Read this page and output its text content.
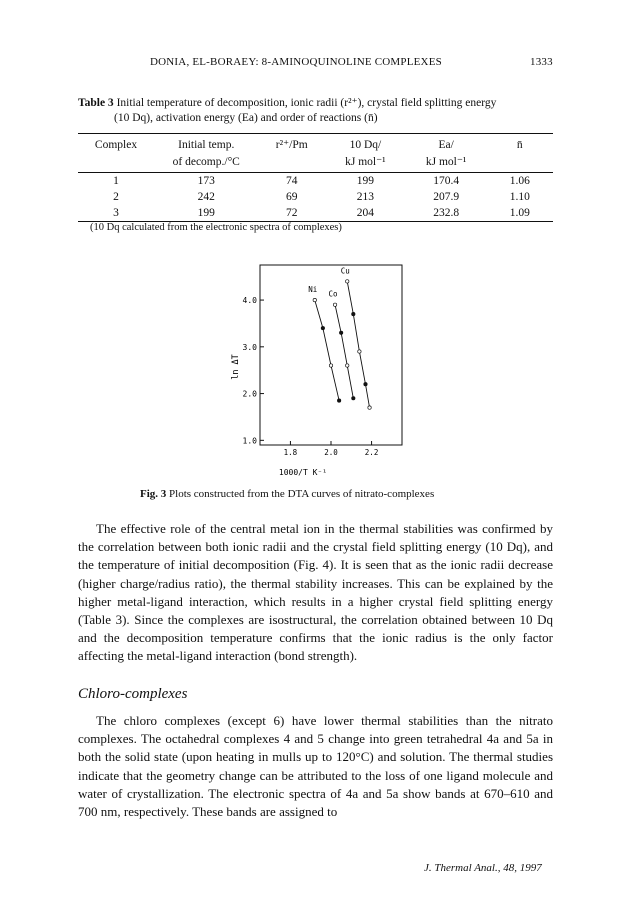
DONIA, EL-BORAEY: 8-AMINOQUINOLINE COMPLEXES	1333
Table 3 Initial temperature of decomposition, ionic radii (r²⁺), crystal field splitting energy
(10 Dq), activation energy (Ea) and order of reactions (n̄)
Complex	Initial temp.	r²⁺/Pm	10 Dq/	Ea/	n̄
	of decomp./°C		kJ mol⁻¹	kJ mol⁻¹	
1	173	74	199	170.4	1.06
2	242	69	213	207.9	1.10
3	199	72	204	232.8	1.09
(10 Dq calculated from the electronic spectra of complexes)
1.0
2.0
3.0
4.0
1.8	2.0	2.2
Ni
Co
Cu
ln ΔT
1000/T K⁻¹
Fig. 3 Plots constructed from the DTA curves of nitrato-complexes
The effective role of the central metal ion in the thermal stabilities was confirmed by the correlation between both ionic radii and the crystal field splitting energy (10 Dq), and the temperature of initial decomposition (Fig. 4). It is seen that as the ionic radii decrease (higher charge/radius ratio), the thermal stability increases. This can be explained by the higher metal-ligand interaction, which results in a higher crystal field splitting energy (Table 3). Since the complexes are isostructural, the correlation obtained between 10 Dq and the decomposition temperature confirms that the ionic radius is the only factor affecting the metal-ligand interaction (bond strength).
Chloro-complexes
The chloro complexes (except 6) have lower thermal stabilities than the nitrato complexes. The octahedral complexes 4 and 5 change into green tetrahedral 4a and 5a in both the solid state (upon heating in mulls up to 120°C) and solution. The thermal studies indicate that the geometry change can be attributed to the loss of one ligand molecule and water of crystallization. The electronic spectra of 4a and 5a show bands at 670–610 and 700 nm, respectively. These bands are assigned to
J. Thermal Anal., 48, 1997
